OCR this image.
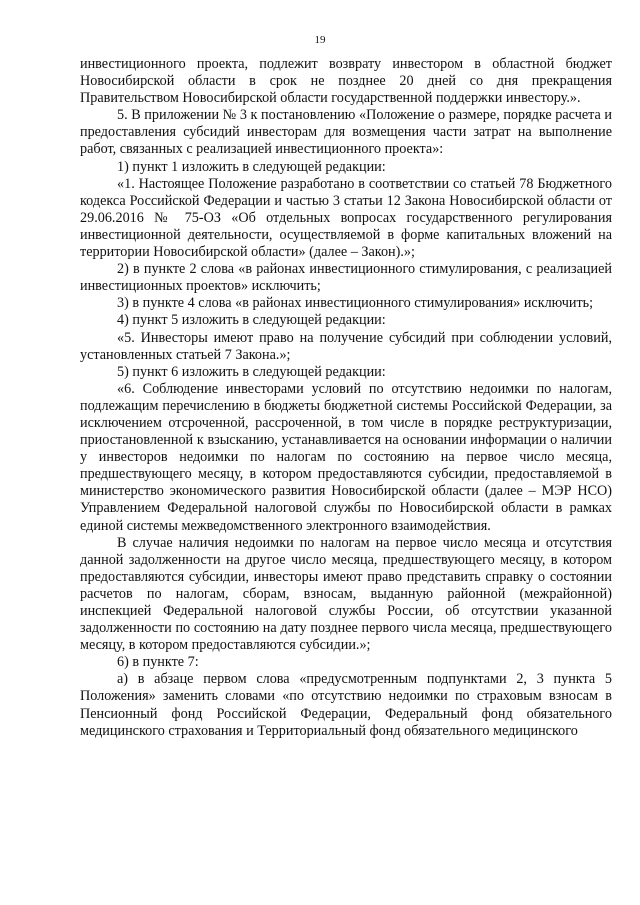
19

инвестиционного проекта, подлежит возврату инвестором в областной бюджет Новосибирской области в срок не позднее 20 дней со дня прекращения Правительством Новосибирской области государственной поддержки инвестору.».

5. В приложении № 3 к постановлению «Положение о размере, порядке расчета и предоставления субсидий инвесторам для возмещения части затрат на выполнение работ, связанных с реализацией инвестиционного проекта»:

1) пункт 1 изложить в следующей редакции:

«1. Настоящее Положение разработано в соответствии со статьей 78 Бюджетного кодекса Российской Федерации и частью 3 статьи 12 Закона Новосибирской области от 29.06.2016 № 75-ОЗ «Об отдельных вопросах государственного регулирования инвестиционной деятельности, осуществляемой в форме капитальных вложений на территории Новосибирской области» (далее – Закон).»;

2) в пункте 2 слова «в районах инвестиционного стимулирования, с реализацией инвестиционных проектов» исключить;

3) в пункте 4 слова «в районах инвестиционного стимулирования» исключить;

4) пункт 5 изложить в следующей редакции:

«5. Инвесторы имеют право на получение субсидий при соблюдении условий, установленных статьей 7 Закона.»;

5) пункт 6 изложить в следующей редакции:

«6. Соблюдение инвесторами условий по отсутствию недоимки по налогам, подлежащим перечислению в бюджеты бюджетной системы Российской Федерации, за исключением отсроченной, рассроченной, в том числе в порядке реструктуризации, приостановленной к взысканию, устанавливается на основании информации о наличии у инвесторов недоимки по налогам по состоянию на первое число месяца, предшествующего месяцу, в котором предоставляются субсидии, предоставляемой в министерство экономического развития Новосибирской области (далее – МЭР НСО) Управлением Федеральной налоговой службы по Новосибирской области в рамках единой системы межведомственного электронного взаимодействия.

В случае наличия недоимки по налогам на первое число месяца и отсутствия данной задолженности на другое число месяца, предшествующего месяцу, в котором предоставляются субсидии, инвесторы имеют право представить справку о состоянии расчетов по налогам, сборам, взносам, выданную районной (межрайонной) инспекцией Федеральной налоговой службы России, об отсутствии указанной задолженности по состоянию на дату позднее первого числа месяца, предшествующего месяцу, в котором предоставляются субсидии.»;

6) в пункте 7:

а) в абзаце первом слова «предусмотренным подпунктами 2, 3 пункта 5 Положения» заменить словами «по отсутствию недоимки по страховым взносам в Пенсионный фонд Российской Федерации, Федеральный фонд обязательного медицинского страхования и Территориальный фонд обязательного медицинского
